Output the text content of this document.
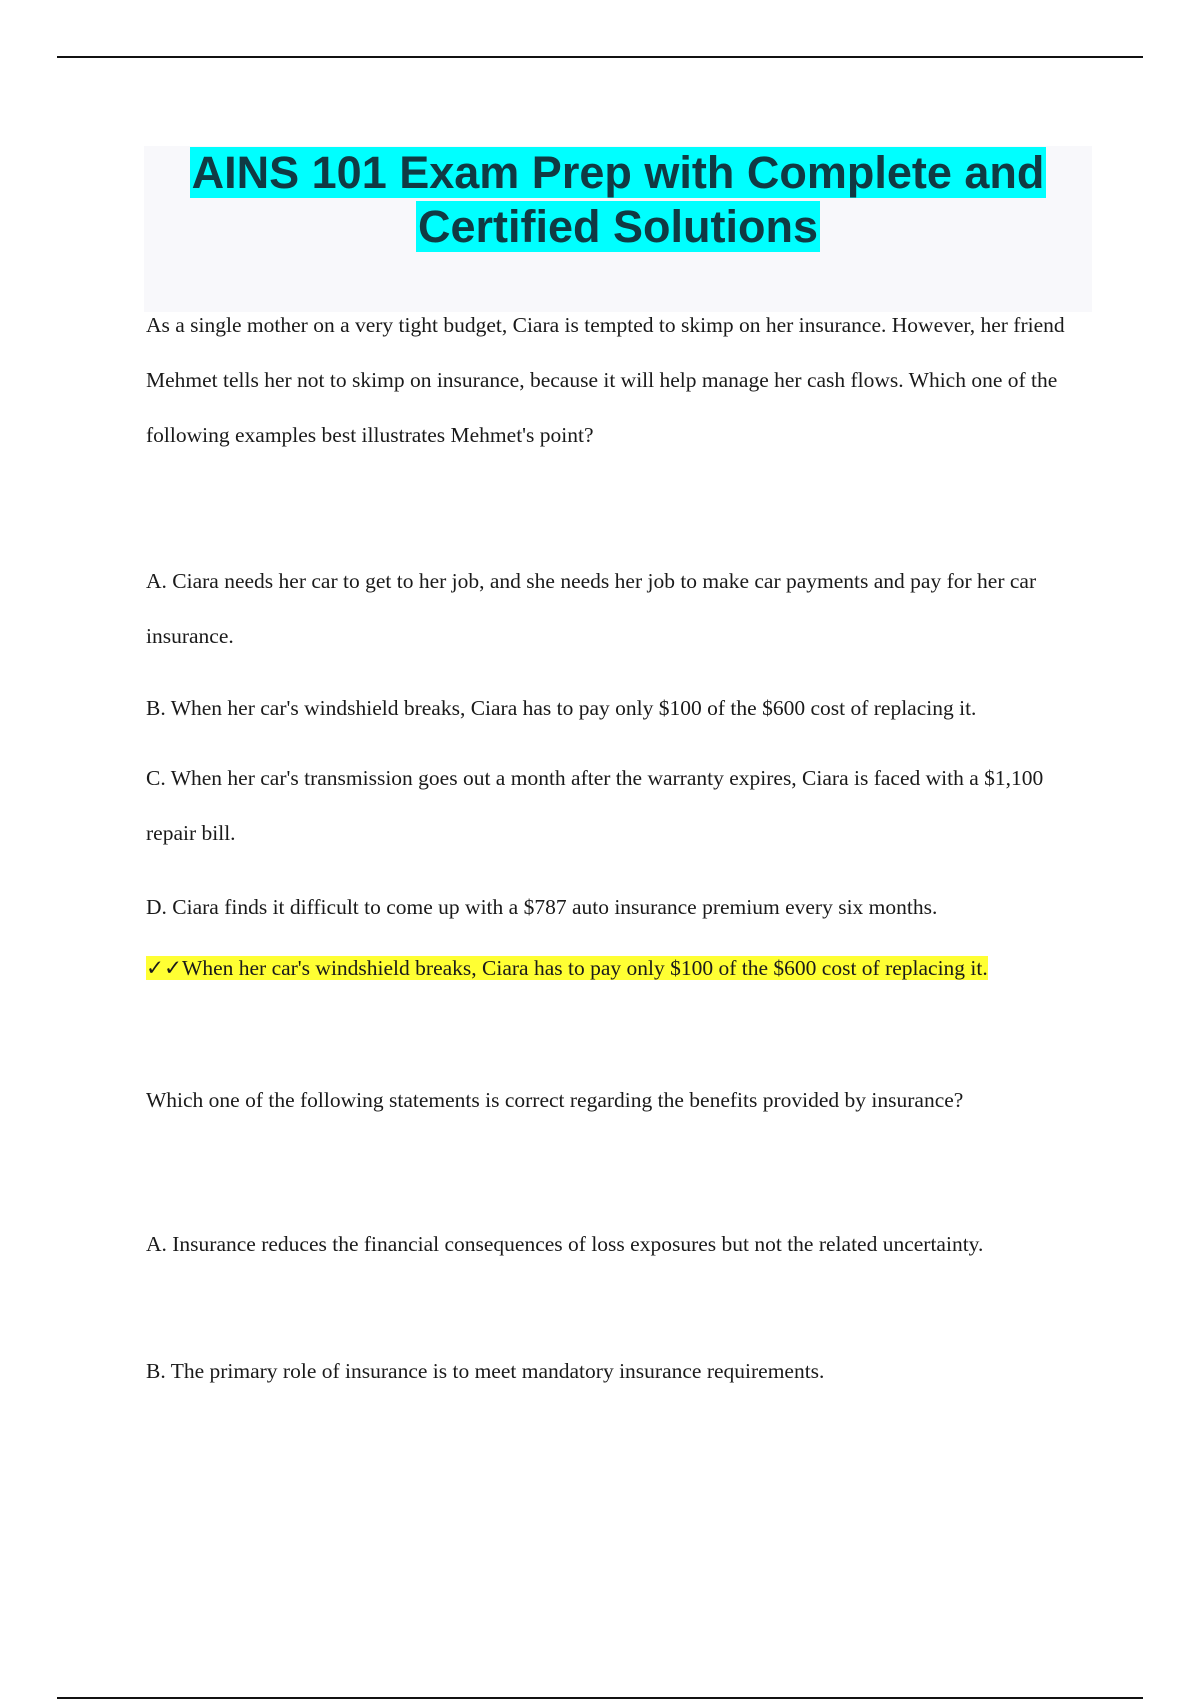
AINS 101 Exam Prep with Complete and
Certified Solutions

As a single mother on a very tight budget, Ciara is tempted to skimp on her insurance. However, her friend Mehmet tells her not to skimp on insurance, because it will help manage her cash flows. Which one of the following examples best illustrates Mehmet's point?

A. Ciara needs her car to get to her job, and she needs her job to make car payments and pay for her car insurance.

B. When her car's windshield breaks, Ciara has to pay only $100 of the $600 cost of replacing it.

C. When her car's transmission goes out a month after the warranty expires, Ciara is faced with a $1,100 repair bill.

D. Ciara finds it difficult to come up with a $787 auto insurance premium every six months.

✓✓When her car's windshield breaks, Ciara has to pay only $100 of the $600 cost of replacing it.

Which one of the following statements is correct regarding the benefits provided by insurance?

A. Insurance reduces the financial consequences of loss exposures but not the related uncertainty.

B. The primary role of insurance is to meet mandatory insurance requirements.
